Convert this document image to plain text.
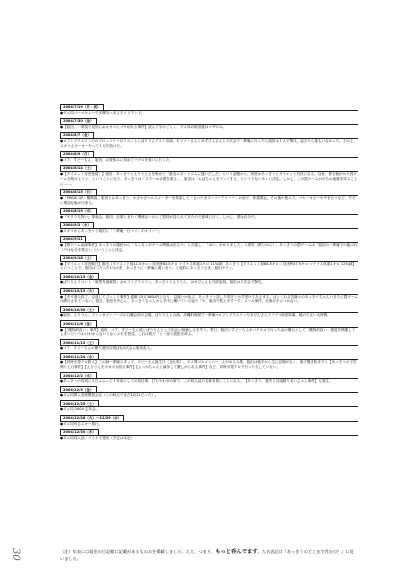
2004/7/19（月・祝）
●ダメ同バーベキューで多摩川へまよろうリランド。
2004/7/30（金）
●【姐田、一夢風で見知らぬオカマにブチ切れる事件】読んで字のごとく、ダメ同の飲食後はゴザのみ。
2004/8/7（金）
●ロフトプラスワンでのブロッコリーのイベントにぱりりんゲスト出演。モリコーさんとゆずぴよさんと２次会で一夢庵に行ったら姐田は１人で撃沈。起きたら誰もいなかった。その上、スギコさポーカーやって１万円負けた。
2004/8/9（月）
●ゴア、すどーちん、姐田、お昼休みに初めてマグロを食いに行った。
2004/8/14（土）
●【ダイエット対決発覚！】姐田、あっきうとえりりんるを集めて「最近エボーリジムに通いだしだ」という話題から、何故かあっきうとダイエット対決になる。以来、昼も朝がかり訓ゲームを明けようと、ということになり、あっきうは「スクール水着を着る」、姐田は「おばちゃんをナンパする」という下ないあレに決定。しかし、この罰ゲームがのちの地獄を呼ぶことに……。
2004/8/15（日）
●「PRIDE GP」観戦後、姐田とおあっきう、わざわざべルスメーターを持参して「さいたまスーパーアリーナ」の前で、体重測定。その後の飲みで、ゴセノオさーや中を合うなど、すでに増加な駄が出来る。
2004/8/19（木）
●『ヤクラ九物い』発表会。姐田、仕事とまたく関係ないのにご招待が送られてきたので意味に行く。しかし、酒は自分で。
2004/9/2（水）
●スギコからあっきうと姐田に「一夢庵一日ママ」のオファー。
2004/9/11
●【葬ゲーム起源事件】あっきうの頭民から「みくなくがゲーム関係は出るべ」と言違し、「はい、わかりました」と即答（鉄りから）。あっきうの罰ゲームは「姐田の一夢庵での臨み代（夕はな分を買る）」ということに決定。
2004/9/18（土）
●【ダイエット対決戦日】姐田（ダイエット前11.5キロ＝対決時63.5キロ マイナス体重1キロ 11%減）あっきう【ダイエット前68.5キロ＝対決時47.5キロ マイナス体重1キロ 12%減】ということで、姐田は二たった1％の差、あっきうに一夢庵に書いまう。と純粋にあっきうさま、姐田ダウン。
2004/10/15（金）
●ぱりりんイベント「暗黒外道薬祭」＠ロフトプラスワン。あっきうとえりりん、はせぴょんも外部参加。姐田は２次会で撃沈。
2004/10/19（火）
●【タダ酒み終了、会員してびっくり事件】賞額 15万3000円になり、以後いか危ぶ、あっきうと話した挙げくかす受けてあるまる。ぱっくれる気満々のあっきうちゃんいきたに罰ゲームは開行されていない。発言、姐田を中心に、あっきうちゃんから学中に働いている姐で「や、姐田で飲えますーす」メール事件。仕事が手につかない。
2004/10/30（土）
●姐田、えりりん、ファンタジーノーズの日曜会前の会場、ぱりりんと合流。沖縄料理屋で一夢庵→ロフトプラスワンやまげんさんライブ→高田馬場、地ので正い大時間。
2004/11/6（金）
●【「賭物約負い」事件】姐田、ゴア、すどーちん低とぱりりんとして出会に暗誦しるを失う。寄日、姐田とすどーちんがパチスロで行った金の賭合として「賭物約負い」感覚を開運してしまいというわけわからないくないメモを発見。これは彼だ「と一部と波影を呼ぶ。
2004/11/13（土）
●ゴア、すどーちんの賭り遊回合図ばな2次会に姐田乱入。
2004/11/24（水）
●【同時多発テロ防人】三の師ー夢庵スタップ、ボビーさん誕生日（念仏郭）。ダメ問ゴルメンバー、えがめるみ集、姐田は後半から生に記憶がなく、後で聞き粉ますと【あっきうの子宮開り上げ事件】【えりりんをポカポカ殴る事件】【よっかちゃんと論争して賭しがられる事件】など、同時多発テロで行ったちしていない。
2004/12/2（木）
●あっきうの有明に５日ふふって１年前にしての初仕事。打ちやわせの席で、この同人誌の名称を基にことになる。【あっきう、意外と目組勝りまいじゃん事件】も発生。
2004/12/3（金）
●ダメ同関人旧席開展会社（この時点でまだ12/11だった）。
2004/12/25（土）
●ダメ同 2004 忘年会。
2004/12/28（火）〜12/29（水）
●ダメ同有志スキー旅行。
2004/12/30（木）
●ダメ同同人誌、コミケで発売（予定は未定）
（注）年表には姐田の日記帳に記載があるものみを掲載しました。ええ、つまり、もっと呑んでます。人名表記は『あっきうのどこまで呑むの？』に従いました。
30
